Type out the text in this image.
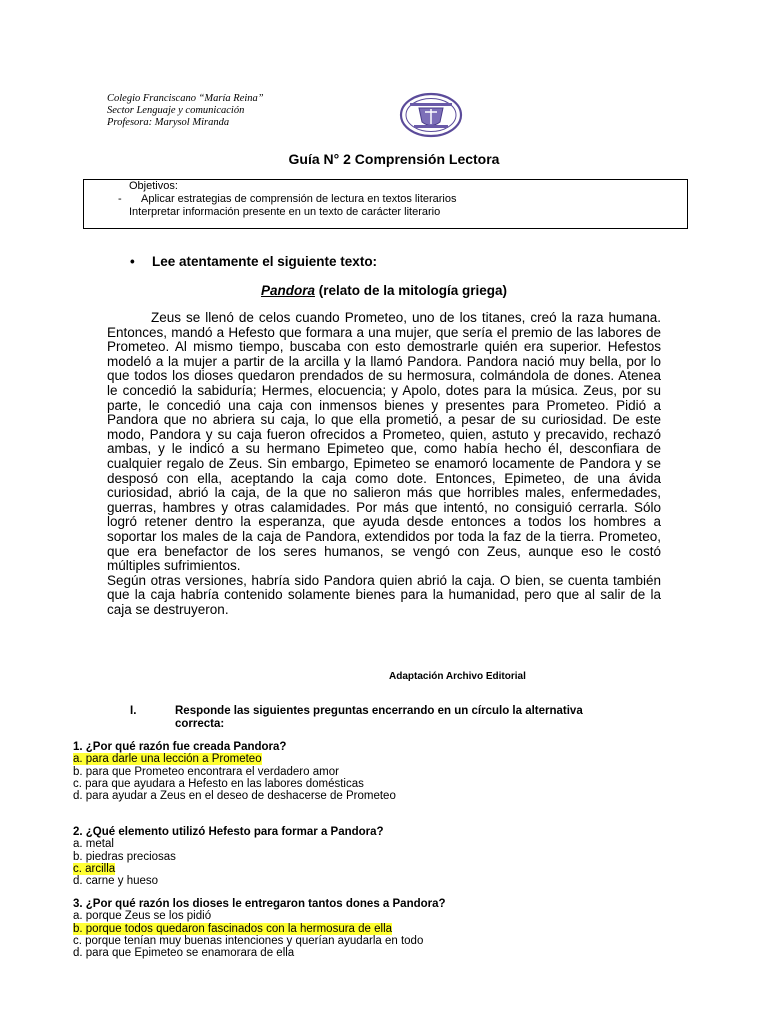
Colegio Franciscano “María Reina”
Sector Lenguaje y comunicación
Profesora: Marysol Miranda
Guía N° 2 Comprensión Lectora
Objetivos:
- Aplicar estrategias de comprensión de lectura en textos literarios
Interpretar información presente en un texto de carácter literario
• Lee atentamente el siguiente texto:
Pandora (relato de la mitología griega)

Zeus se llenó de celos cuando Prometeo, uno de los titanes, creó la raza humana. Entonces, mandó a Hefesto que formara a una mujer, que sería el premio de las labores de Prometeo. Al mismo tiempo, buscaba con esto demostrarle quién era superior. Hefestos modeló a la mujer a partir de la arcilla y la llamó Pandora. Pandora nació muy bella, por lo que todos los dioses quedaron prendados de su hermosura, colmándola de dones. Atenea le concedió la sabiduría; Hermes, elocuencia; y Apolo, dotes para la música. Zeus, por su parte, le concedió una caja con inmensos bienes y presentes para Prometeo. Pidió a Pandora que no abriera su caja, lo que ella prometió, a pesar de su curiosidad. De este modo, Pandora y su caja fueron ofrecidos a Prometeo, quien, astuto y precavido, rechazó ambas, y le indicó a su hermano Epimeteo que, como había hecho él, desconfiara de cualquier regalo de Zeus. Sin embargo, Epimeteo se enamoró locamente de Pandora y se desposó con ella, aceptando la caja como dote. Entonces, Epimeteo, de una ávida curiosidad, abrió la caja, de la que no salieron más que horribles males, enfermedades, guerras, hambres y otras calamidades. Por más que intentó, no consiguió cerrarla. Sólo logró retener dentro la esperanza, que ayuda desde entonces a todos los hombres a soportar los males de la caja de Pandora, extendidos por toda la faz de la tierra. Prometeo, que era benefactor de los seres humanos, se vengó con Zeus, aunque eso le costó múltiples sufrimientos.

Según otras versiones, habría sido Pandora quien abrió la caja. O bien, se cuenta también que la caja habría contenido solamente bienes para la humanidad, pero que al salir de la caja se destruyeron.

Adaptación Archivo Editorial
I.	Responde las siguientes preguntas encerrando en un círculo la alternativa correcta:
1. ¿Por qué razón fue creada Pandora?
a. para darle una lección a Prometeo
b. para que Prometeo encontrara el verdadero amor
c. para que ayudara a Hefesto en las labores domésticas
d. para ayudar a Zeus en el deseo de deshacerse de Prometeo
2. ¿Qué elemento utilizó Hefesto para formar a Pandora?
a. metal
b. piedras preciosas
c. arcilla
d. carne y hueso
3. ¿Por qué razón los dioses le entregaron tantos dones a Pandora?
a. porque Zeus se los pidió
b. porque todos quedaron fascinados con la hermosura de ella
c. porque tenían muy buenas intenciones y querían ayudarla en todo
d. para que Epimeteo se enamorara de ella
